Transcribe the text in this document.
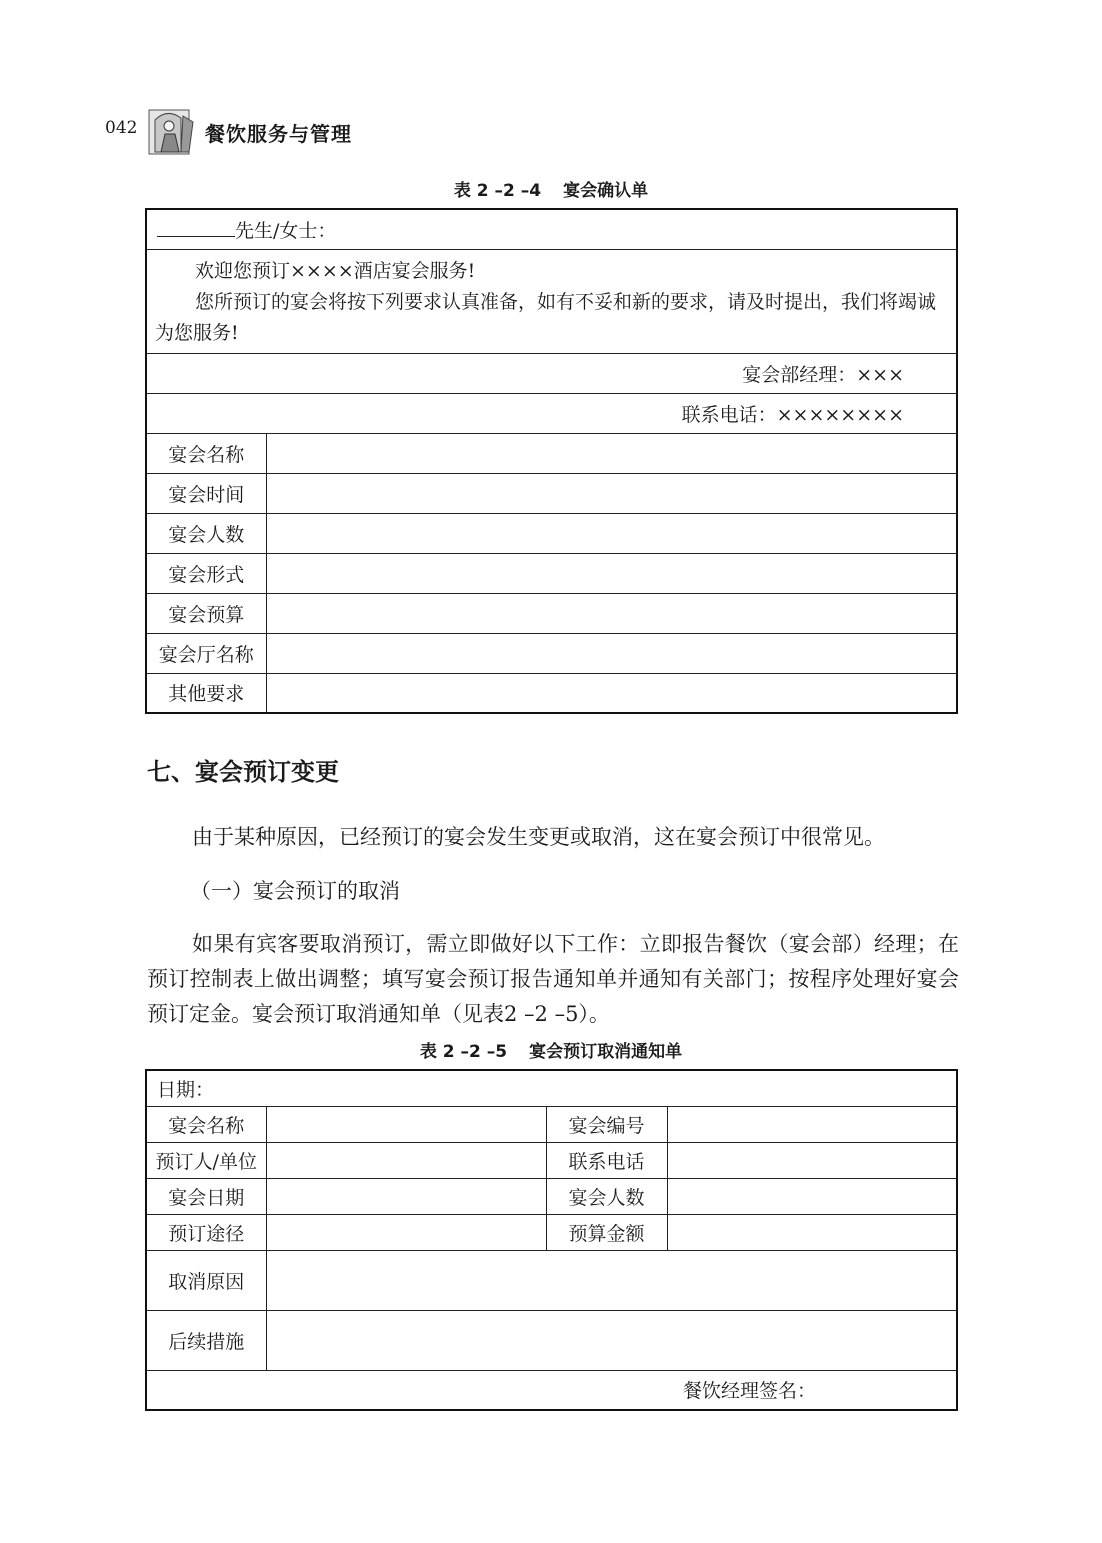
042	餐饮服务与管理
表 2 –2 –4 宴会确认单
先生/女士：	

欢迎您预订××××酒店宴会服务!

您所预订的宴会将按下列要求认真准备，如有不妥和新的要求，请及时提出，我们将竭诚为您服务!	

宴会部经理：×××	
联系电话：××××××××	
宴会名称	
宴会时间	
宴会人数	
宴会形式	
宴会预算	
宴会厅名称	
其他要求	
七、宴会预订变更
由于某种原因，已经预订的宴会发生变更或取消，这在宴会预订中很常见。
（一）宴会预订的取消
如果有宾客要取消预订，需立即做好以下工作：立即报告餐饮（宴会部）经理；在预订控制表上做出调整；填写宴会预订报告通知单并通知有关部门；按程序处理好宴会预订定金。宴会预订取消通知单（见表2 –2 –5）。
表 2 –2 –5 宴会预订取消通知单
日期：			
宴会名称		宴会编号	
预订人/单位		联系电话	
宴会日期		宴会人数	
预订途径		预算金额	
取消原因			
后续措施			
餐饮经理签名：			
